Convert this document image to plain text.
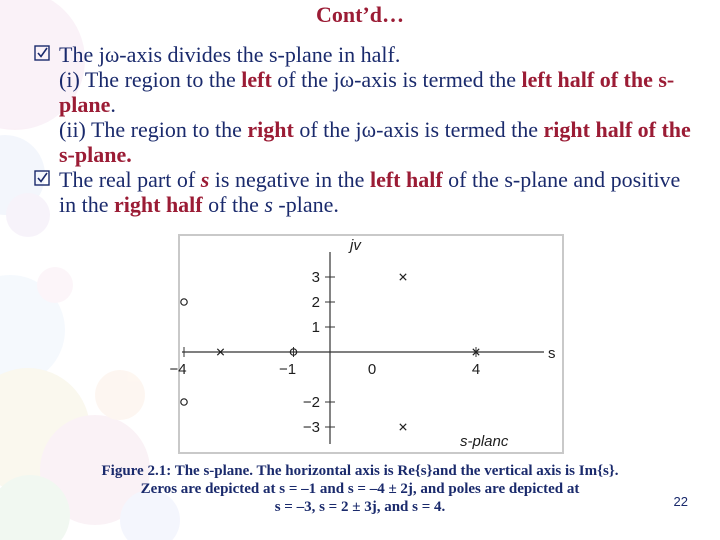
Cont’d…
The jω-axis divides the s-plane in half.
(i) The region to the left of the jω-axis is termed the left half of the s-plane.
(ii) The region to the right of the jω-axis is termed the right half of the s-plane.
The real part of s is negative in the left half of the s-plane and positive in the right half of the s -plane.
jv
s
s-planc
−4	−1	0	4
3
2
1
−2
−3
Figure 2.1: The s-plane. The horizontal axis is Re{s}and the vertical axis is Im{s}.
Zeros are depicted at s = –1 and s = –4 ± 2j, and poles are depicted at
s = –3, s = 2 ± 3j, and s = 4.	22
